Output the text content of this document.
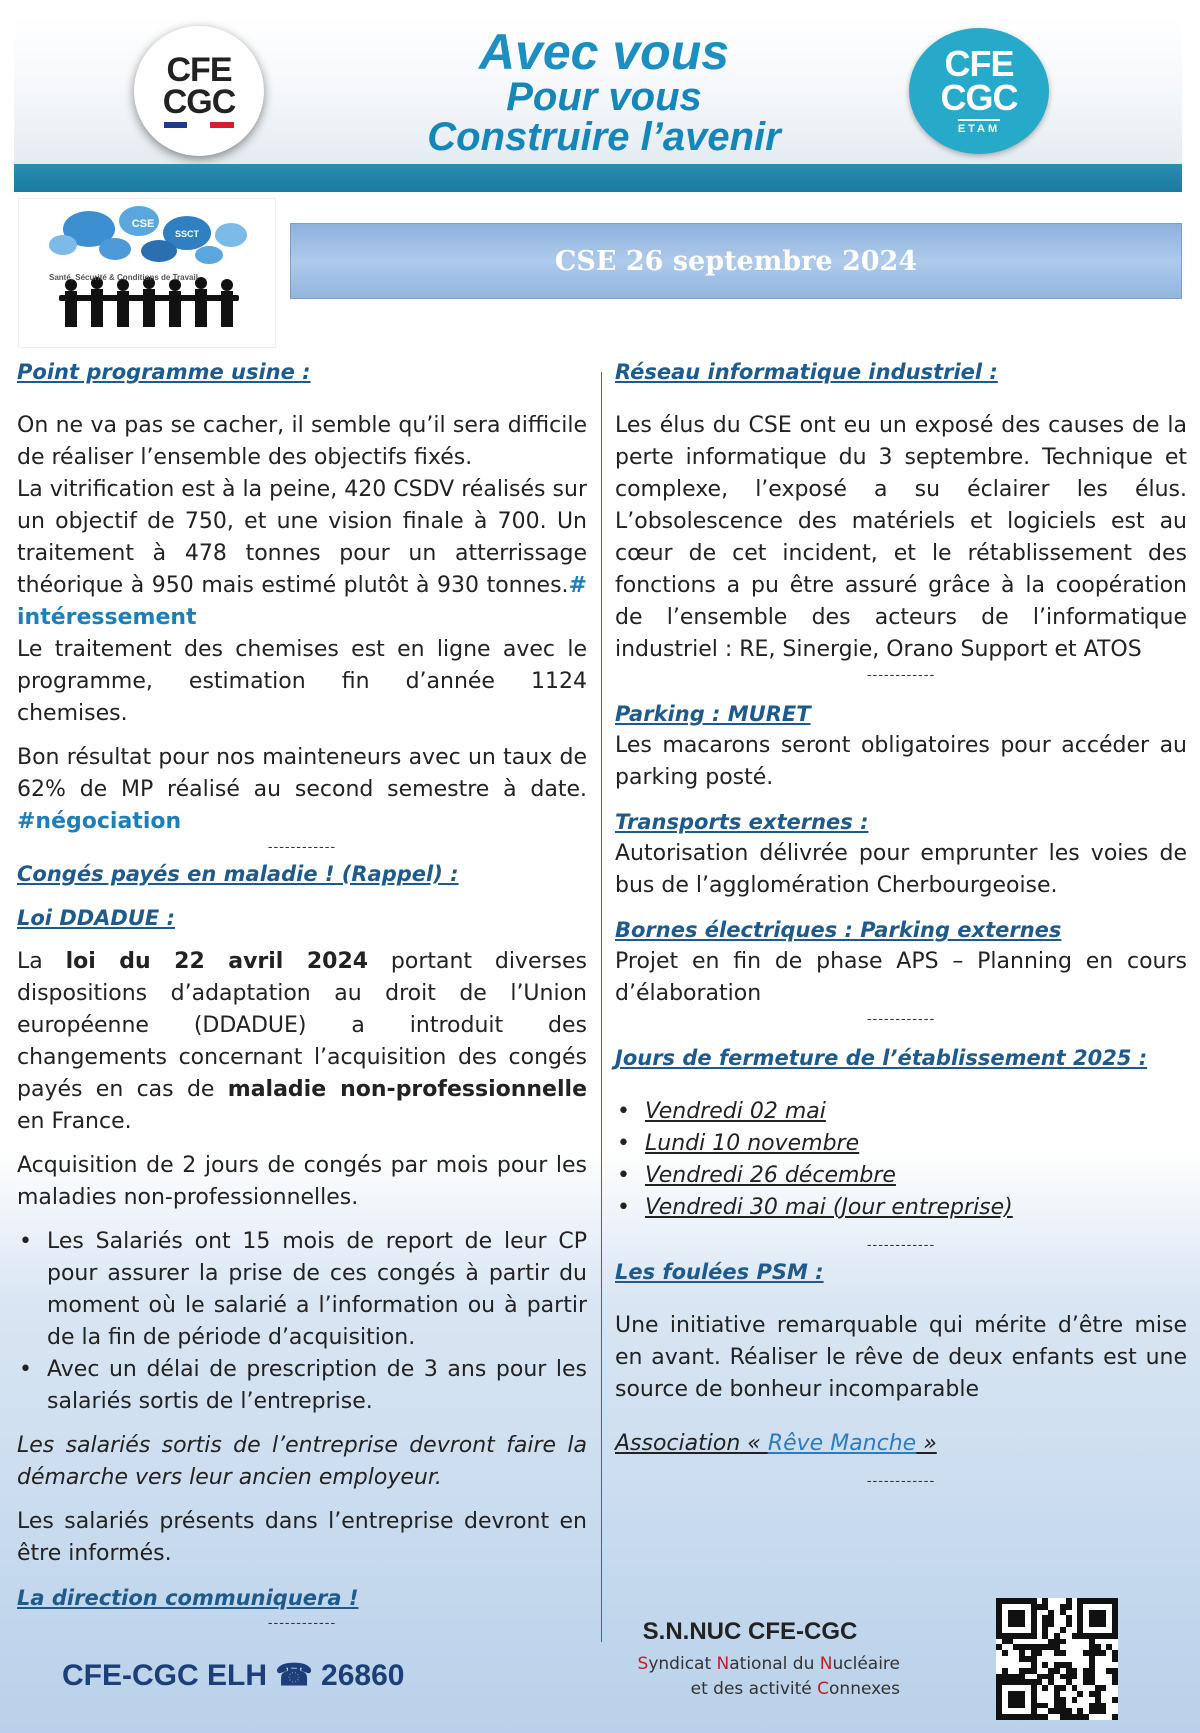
CFE
CGC
Avec vous
Pour vous
Construire l’avenir
CFE
CGC
ETAM
CSE
SSCT
Santé, Sécurité & Conditions de Travail
CSE 26 septembre 2024
Point programme usine :

On ne va pas se cacher, il semble qu’il sera difficile de réaliser l’ensemble des objectifs fixés.

La vitrification est à la peine, 420 CSDV réalisés sur un objectif de 750, et une vision finale à 700. Un traitement à 478 tonnes pour un atterrissage théorique à 950 mais estimé plutôt à 930 tonnes.# intéressement

Le traitement des chemises est en ligne avec le programme, estimation fin d’année 1124 chemises.

Bon résultat pour nos mainteneurs avec un taux de 62% de MP réalisé au second semestre à date. #négociation

------------
Congés payés en maladie ! (Rappel) :
Loi DDADUE :

La loi du 22 avril 2024 portant diverses dispositions d’adaptation au droit de l’Union européenne (DDADUE) a introduit des changements concernant l’acquisition des congés payés en cas de maladie non-professionnelle en France.

Acquisition de 2 jours de congés par mois pour les maladies non-professionnelles.

• Les Salariés ont 15 mois de report de leur CP pour assurer la prise de ces congés à partir du moment où le salarié a l’information ou à partir de la fin de période d’acquisition.
• Avec un délai de prescription de 3 ans pour les salariés sortis de l’entreprise.

Les salariés sortis de l’entreprise devront faire la démarche vers leur ancien employeur.

Les salariés présents dans l’entreprise devront en être informés.

La direction communiquera !
------------
Réseau informatique industriel :

Les élus du CSE ont eu un exposé des causes de la perte informatique du 3 septembre. Technique et complexe, l’exposé a su éclairer les élus. L’obsolescence des matériels et logiciels est au cœur de cet incident, et le rétablissement des fonctions a pu être assuré grâce à la coopération de l’ensemble des acteurs de l’informatique industriel : RE, Sinergie, Orano Support et ATOS

------------
Parking : MURET

Les macarons seront obligatoires pour accéder au parking posté.

Transports externes :

Autorisation délivrée pour emprunter les voies de bus de l’agglomération Cherbourgeoise.

Bornes électriques : Parking externes

Projet en fin de phase APS – Planning en cours d’élaboration

------------
Jours de fermeture de l’établissement 2025 :
• Vendredi 02 mai
• Lundi 10 novembre
• Vendredi 26 décembre
• Vendredi 30 mai (Jour entreprise)
------------
Les foulées PSM :

Une initiative remarquable qui mérite d’être mise en avant. Réaliser le rêve de deux enfants est une source de bonheur incomparable

Association « Rêve Manche »

------------
CFE-CGC ELH ☎ 26860
S.N.NUC CFE-CGC
Syndicat National du Nucléaire
et des activité Connexes
